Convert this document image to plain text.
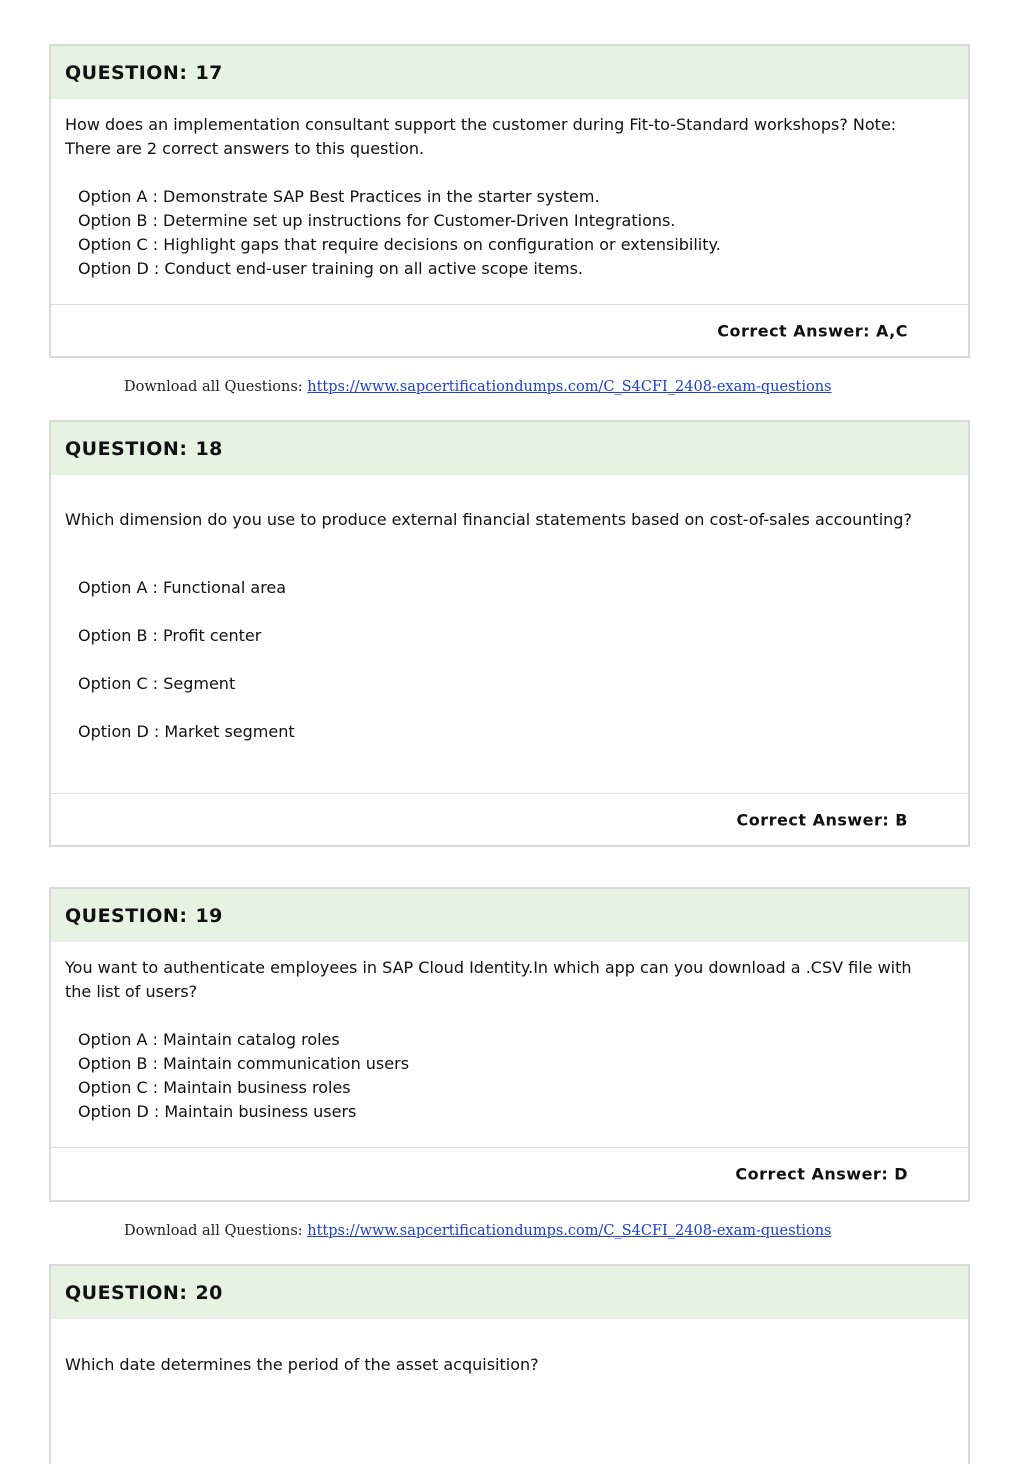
QUESTION: 17

How does an implementation consultant support the customer during Fit-to-Standard workshops? Note: There are 2 correct answers to this question.

Option A : Demonstrate SAP Best Practices in the starter system.
Option B : Determine set up instructions for Customer-Driven Integrations.
Option C : Highlight gaps that require decisions on configuration or extensibility.
Option D : Conduct end-user training on all active scope items.
Correct Answer: A,C
Download all Questions: https://www.sapcertificationdumps.com/C_S4CFI_2408-exam-questions
QUESTION: 18

Which dimension do you use to produce external financial statements based on cost-of-sales accounting?

Option A : Functional area
Option B : Profit center
Option C : Segment
Option D : Market segment
Correct Answer: B
QUESTION: 19

You want to authenticate employees in SAP Cloud Identity.In which app can you download a .CSV file with the list of users?

Option A : Maintain catalog roles
Option B : Maintain communication users
Option C : Maintain business roles
Option D : Maintain business users
Correct Answer: D
Download all Questions: https://www.sapcertificationdumps.com/C_S4CFI_2408-exam-questions
QUESTION: 20

Which date determines the period of the asset acquisition?
